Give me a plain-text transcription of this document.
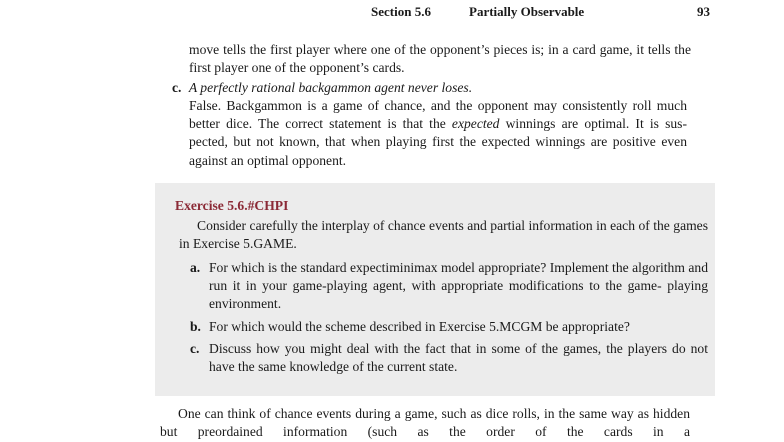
Section 5.6	Partially Observable	93
move tells the first player where one of the opponent’s pieces is; in a card game, it tells the first player one of the opponent’s cards.
c. A perfectly rational backgammon agent never loses.
False. Backgammon is a game of chance, and the opponent may consistently roll much better dice. The correct statement is that the expected winnings are optimal. It is sus- pected, but not known, that when playing first the expected winnings are positive even against an optimal opponent.
Exercise 5.6.#CHPI
Consider carefully the interplay of chance events and partial information in each of the games in Exercise 5.GAME.
a. For which is the standard expectiminimax model appropriate? Implement the algorithm and run it in your game-playing agent, with appropriate modifications to the game- playing environment.
b. For which would the scheme described in Exercise 5.MCGM be appropriate?
c. Discuss how you might deal with the fact that in some of the games, the players do not have the same knowledge of the current state.
One can think of chance events during a game, such as dice rolls, in the same way as hidden but preordained information (such as the order of the cards in a
